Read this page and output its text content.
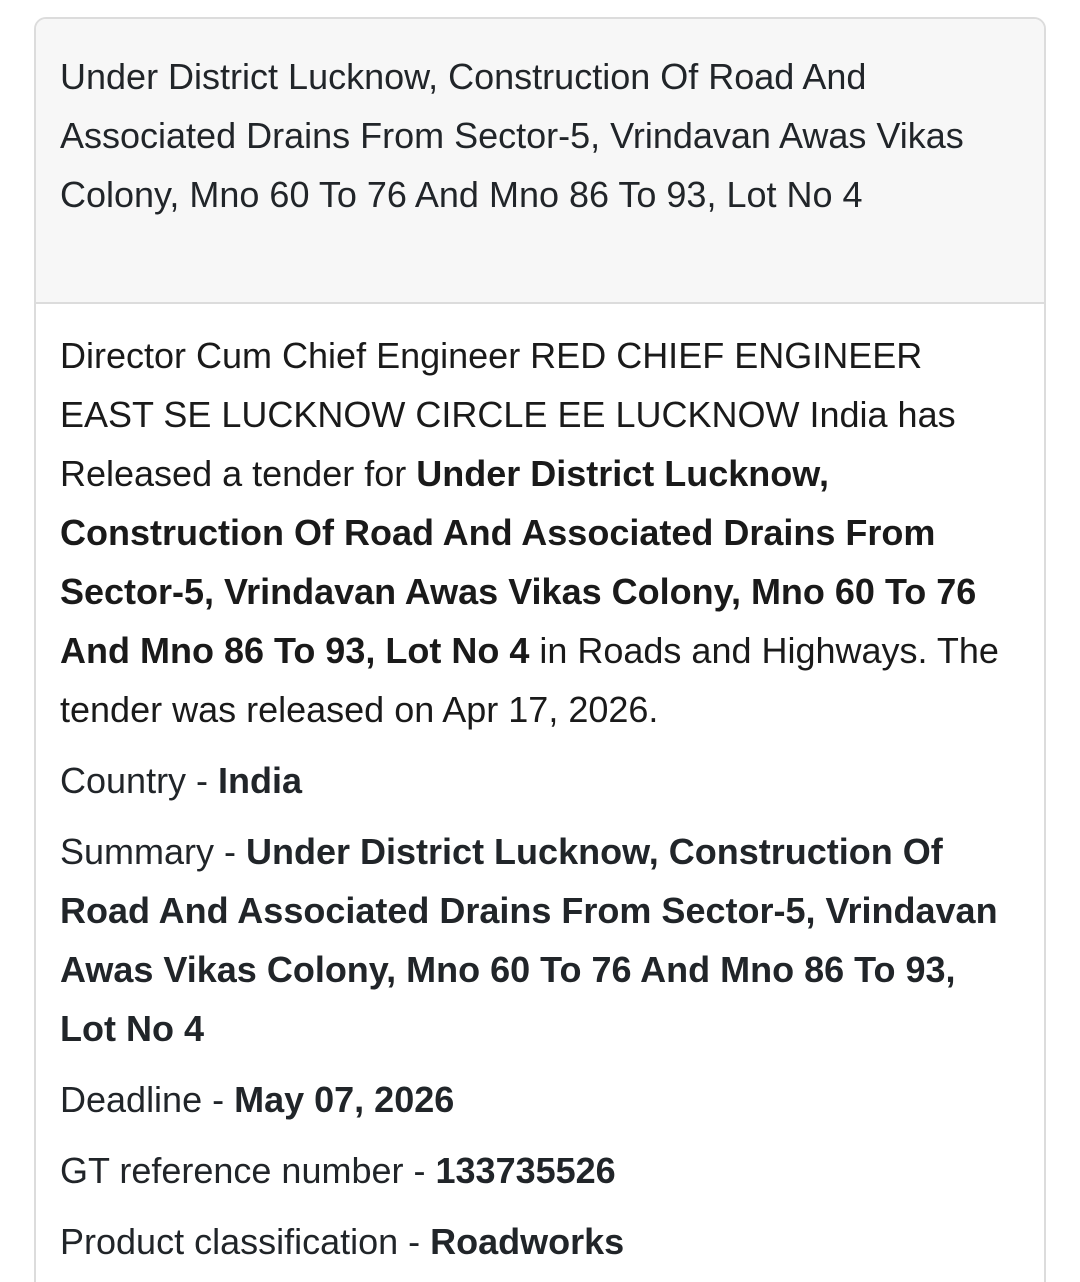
Under District Lucknow, Construction Of Road And Associated Drains From Sector-5, Vrindavan Awas Vikas Colony, Mno 60 To 76 And Mno 86 To 93, Lot No 4

Director Cum Chief Engineer RED CHIEF ENGINEER EAST SE LUCKNOW CIRCLE EE LUCKNOW India has Released a tender for Under District Lucknow, Construction Of Road And Associated Drains From Sector-5, Vrindavan Awas Vikas Colony, Mno 60 To 76 And Mno 86 To 93, Lot No 4 in Roads and Highways. The tender was released on Apr 17, 2026.

Country - India

Summary - Under District Lucknow, Construction Of Road And Associated Drains From Sector-5, Vrindavan Awas Vikas Colony, Mno 60 To 76 And Mno 86 To 93, Lot No 4

Deadline - May 07, 2026

GT reference number - 133735526

Product classification - Roadworks
